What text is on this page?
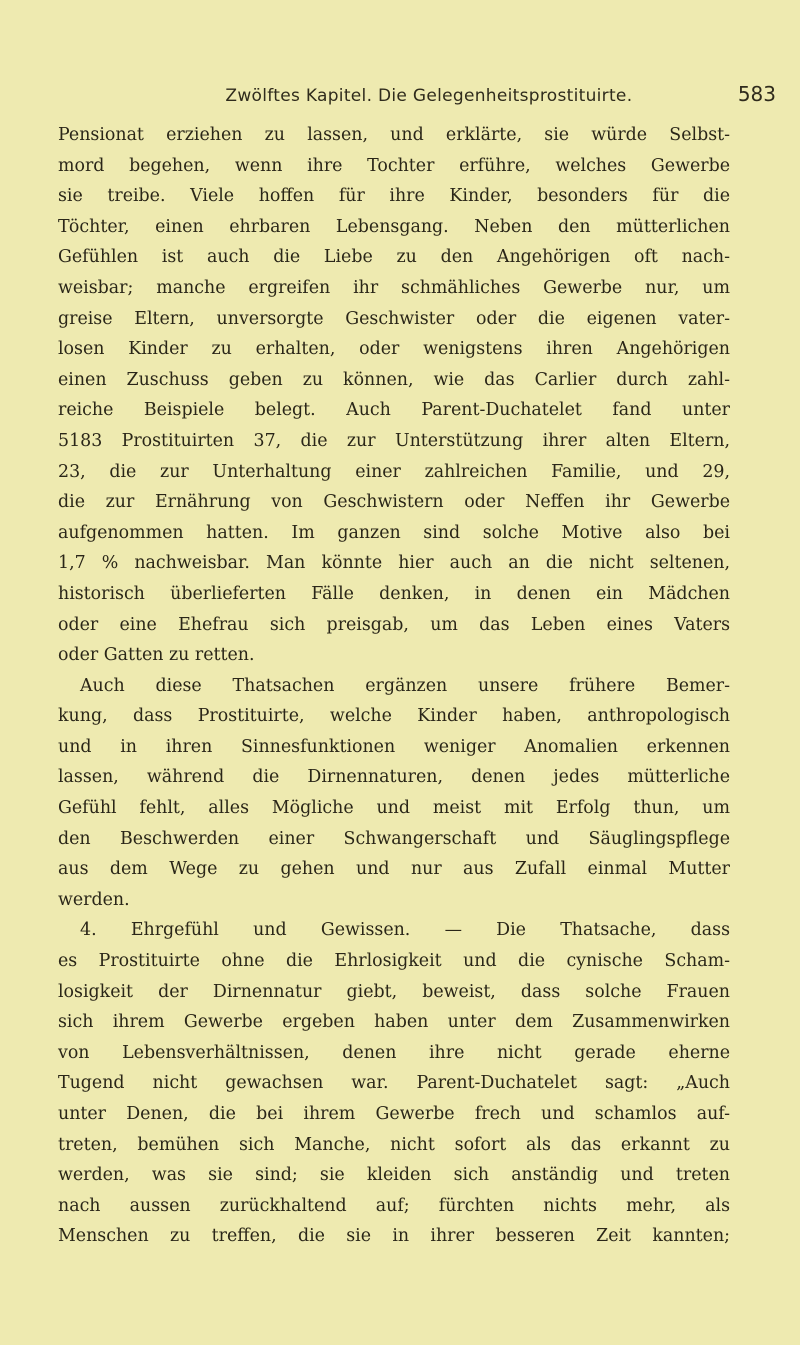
Zwölftes Kapitel. Die Gelegenheitsprostituirte.	583
Pensionat erziehen zu lassen, und erklärte, sie würde Selbst-
mord begehen, wenn ihre Tochter erführe, welches Gewerbe
sie treibe. Viele hoffen für ihre Kinder, besonders für die
Töchter, einen ehrbaren Lebensgang. Neben den mütterlichen
Gefühlen ist auch die Liebe zu den Angehörigen oft nach-
weisbar; manche ergreifen ihr schmähliches Gewerbe nur, um
greise Eltern, unversorgte Geschwister oder die eigenen vater-
losen Kinder zu erhalten, oder wenigstens ihren Angehörigen
einen Zuschuss geben zu können, wie das Carlier durch zahl-
reiche Beispiele belegt. Auch Parent-Duchatelet fand unter
5183 Prostituirten 37, die zur Unterstützung ihrer alten Eltern,
23, die zur Unterhaltung einer zahlreichen Familie, und 29,
die zur Ernährung von Geschwistern oder Neffen ihr Gewerbe
aufgenommen hatten. Im ganzen sind solche Motive also bei
1,7 % nachweisbar. Man könnte hier auch an die nicht seltenen,
historisch überlieferten Fälle denken, in denen ein Mädchen
oder eine Ehefrau sich preisgab, um das Leben eines Vaters
oder Gatten zu retten.
Auch diese Thatsachen ergänzen unsere frühere Bemer-
kung, dass Prostituirte, welche Kinder haben, anthropologisch
und in ihren Sinnesfunktionen weniger Anomalien erkennen
lassen, während die Dirnennaturen, denen jedes mütterliche
Gefühl fehlt, alles Mögliche und meist mit Erfolg thun, um
den Beschwerden einer Schwangerschaft und Säuglingspflege
aus dem Wege zu gehen und nur aus Zufall einmal Mutter
werden.
4. Ehrgefühl und Gewissen. — Die Thatsache, dass
es Prostituirte ohne die Ehrlosigkeit und die cynische Scham-
losigkeit der Dirnennatur giebt, beweist, dass solche Frauen
sich ihrem Gewerbe ergeben haben unter dem Zusammenwirken
von Lebensverhältnissen, denen ihre nicht gerade eherne
Tugend nicht gewachsen war. Parent-Duchatelet sagt: „Auch
unter Denen, die bei ihrem Gewerbe frech und schamlos auf-
treten, bemühen sich Manche, nicht sofort als das erkannt zu
werden, was sie sind; sie kleiden sich anständig und treten
nach aussen zurückhaltend auf; fürchten nichts mehr, als
Menschen zu treffen, die sie in ihrer besseren Zeit kannten;
